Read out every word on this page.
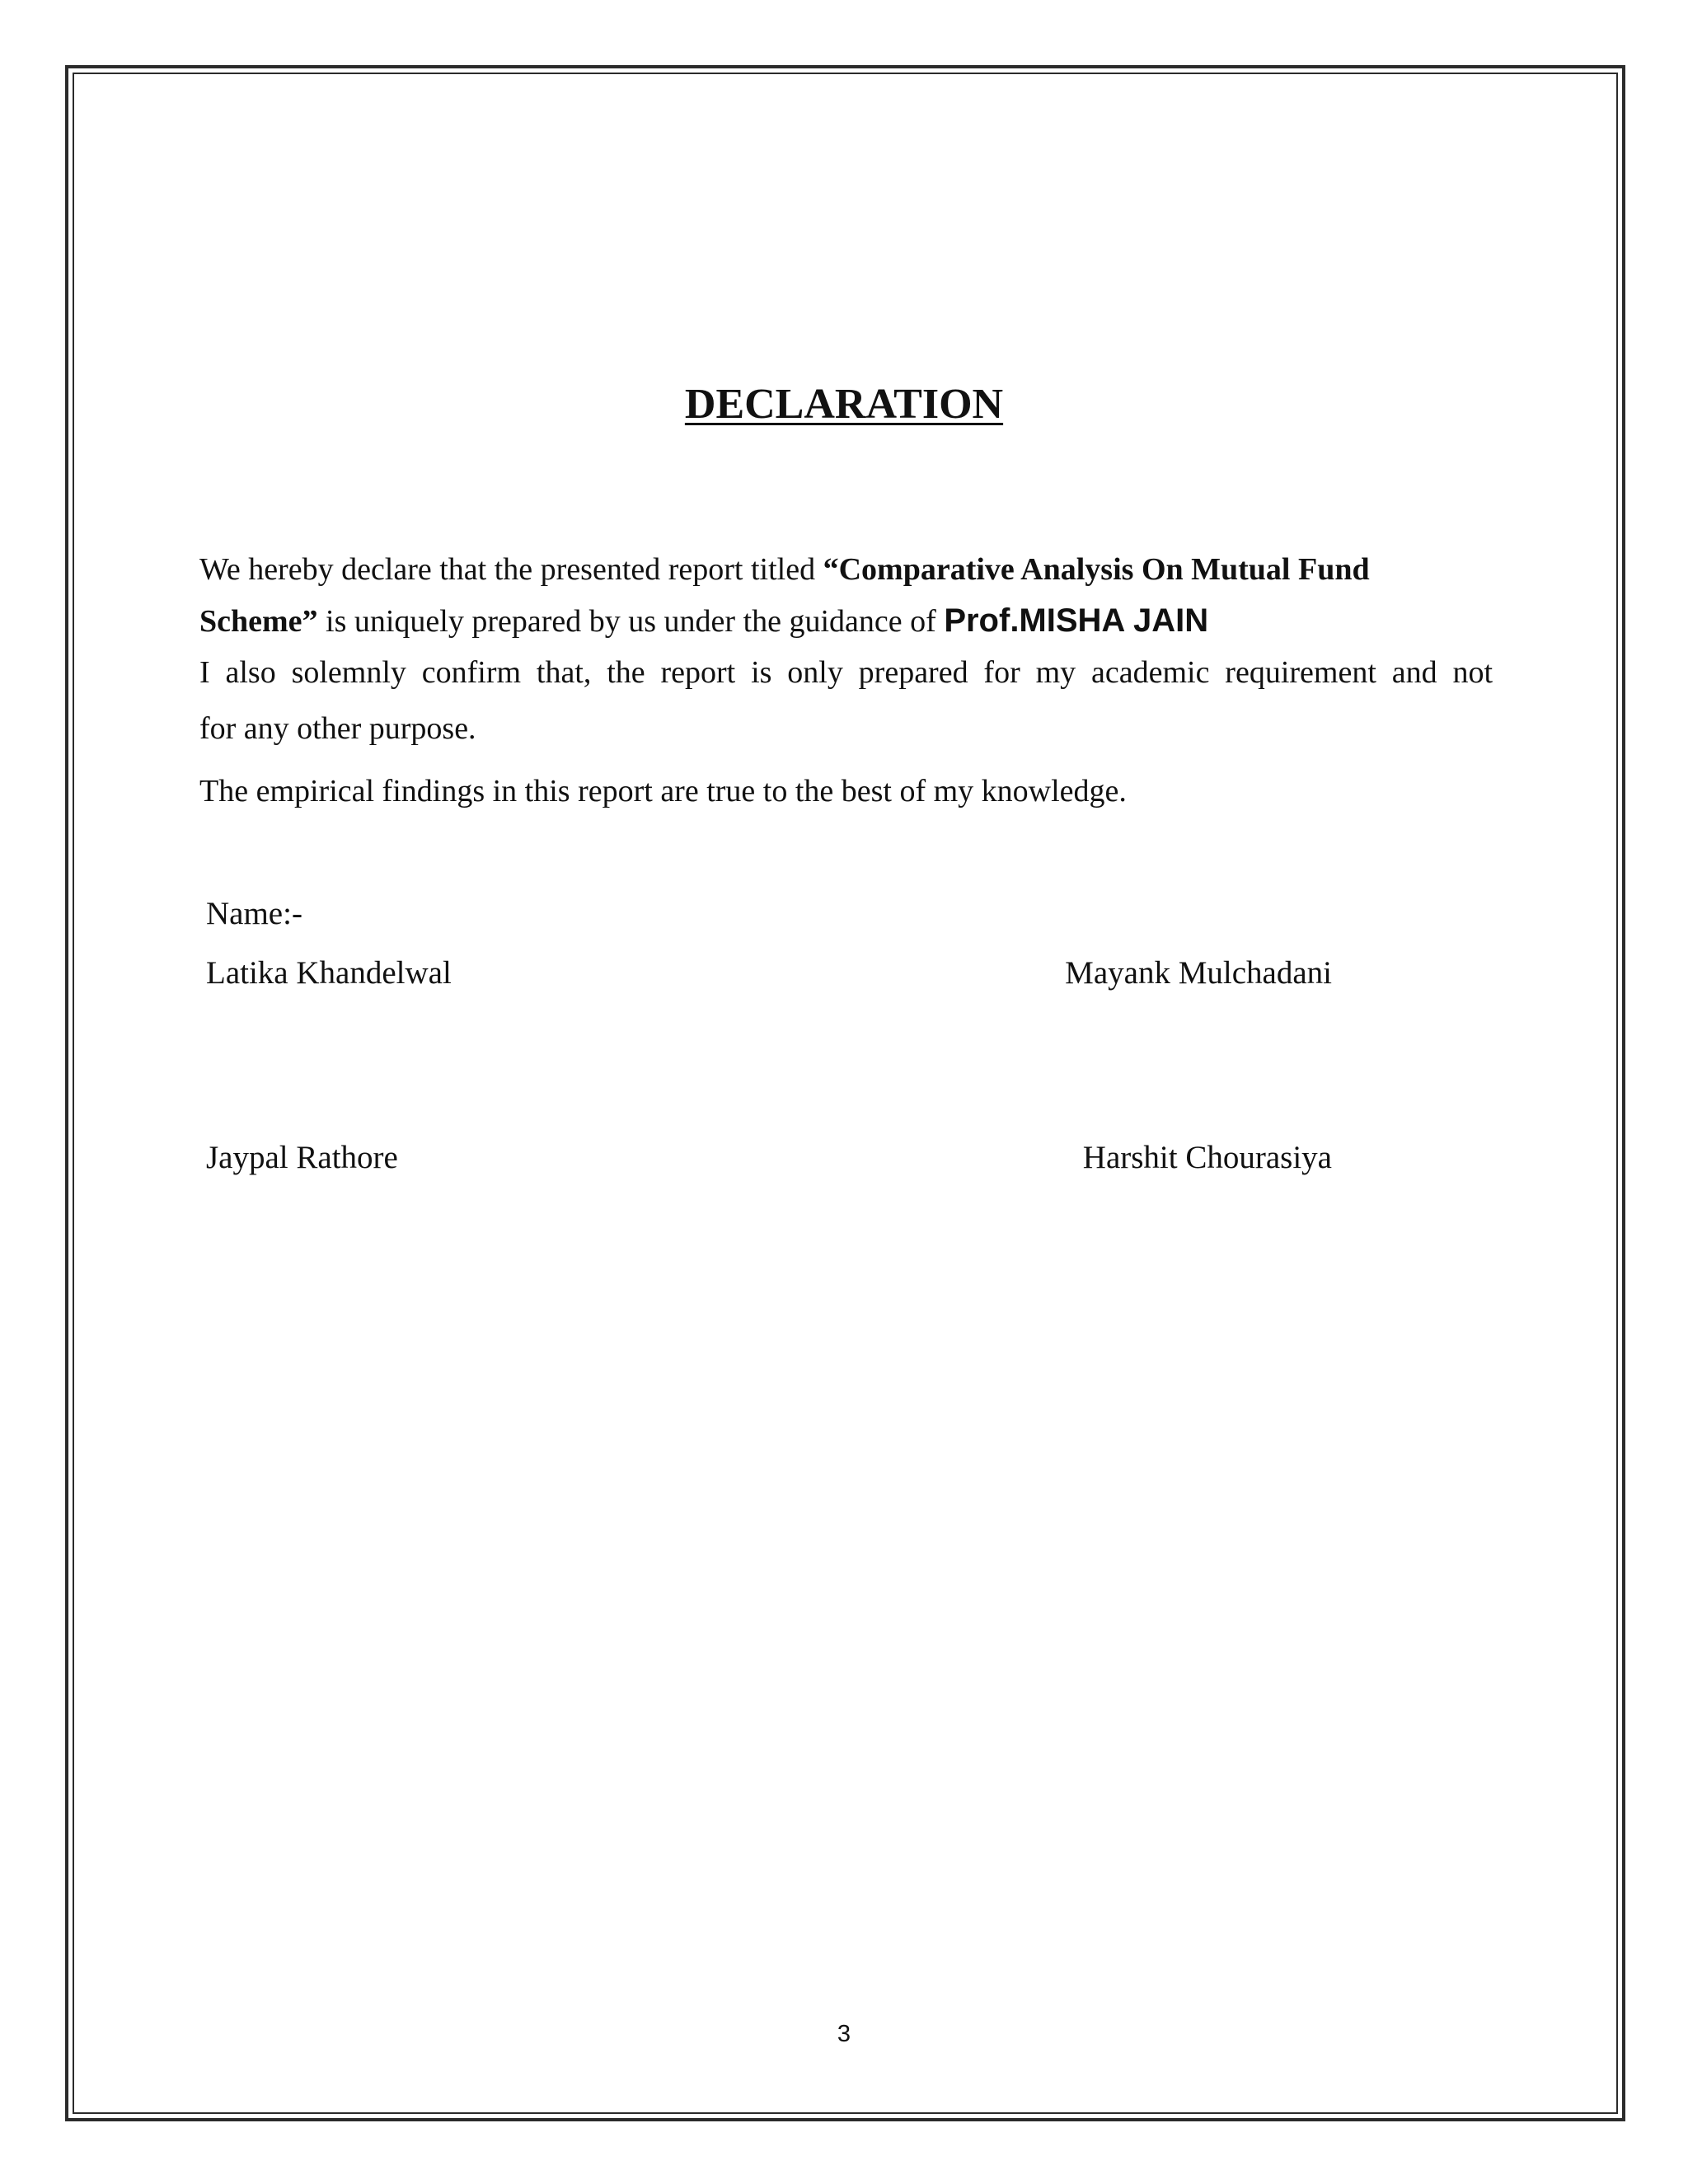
DECLARATION
We hereby declare that the presented report titled “Comparative Analysis On Mutual Fund
Scheme” is uniquely prepared by us under the guidance of Prof.MISHA JAIN
I also solemnly confirm that, the report is only prepared for my academic requirement and not
for any other purpose.
The empirical findings in this report are true to the best of my knowledge.
Name:-
Latika Khandelwal	Mayank Mulchadani
Jaypal Rathore	Harshit Chourasiya
3
